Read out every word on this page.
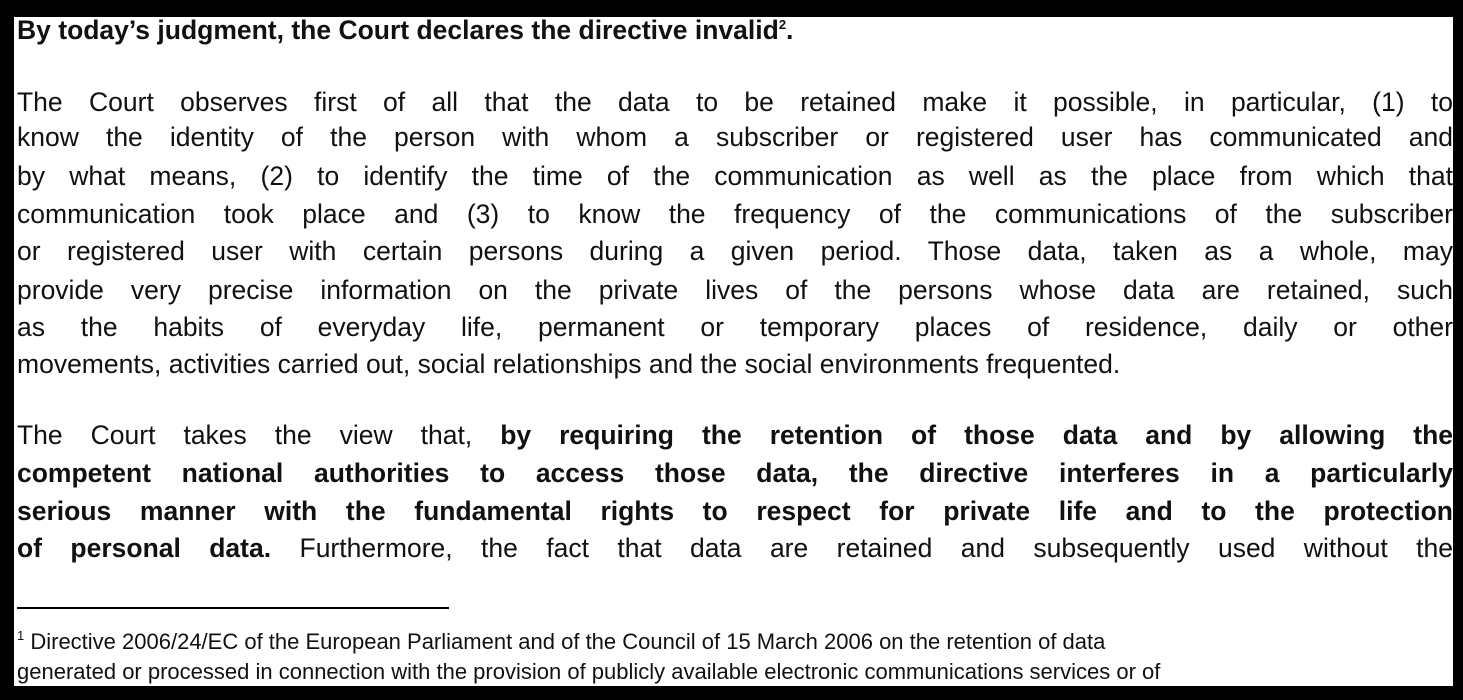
By today’s judgment, the Court declares the directive invalid$^2$.
The Court observes first of all that the data to be retained make it possible, in particular, (1) to
know the identity of the person with whom a subscriber or registered user has communicated and
by what means, (2) to identify the time of the communication as well as the place from which that
communication took place and (3) to know the frequency of the communications of the subscriber
or registered user with certain persons during a given period. Those data, taken as a whole, may
provide very precise information on the private lives of the persons whose data are retained, such
as the habits of everyday life, permanent or temporary places of residence, daily or other
movements, activities carried out, social relationships and the social environments frequented.
The Court takes the view that, by requiring the retention of those data and by allowing the
competent national authorities to access those data, the directive interferes in a particularly
serious manner with the fundamental rights to respect for private life and to the protection
of personal data. Furthermore, the fact that data are retained and subsequently used without the
$^1$ Directive 2006/24/EC of the European Parliament and of the Council of 15 March 2006 on the retention of data
generated or processed in connection with the provision of publicly available electronic communications services or of
